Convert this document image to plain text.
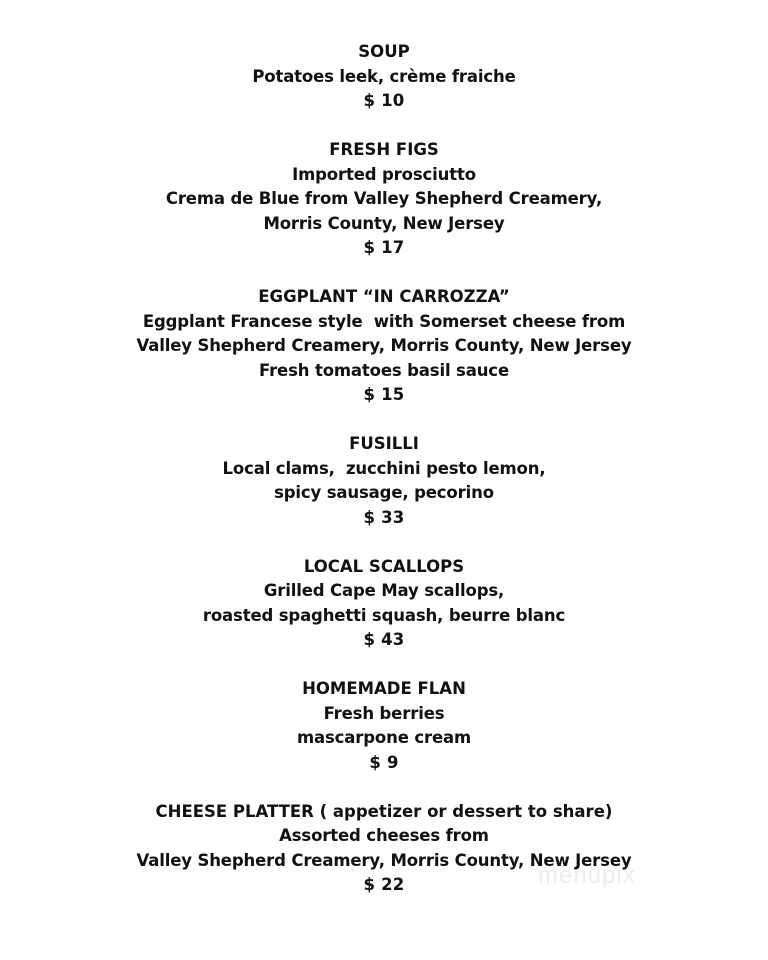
SOUP
Potatoes leek, crème fraiche
$ 10
FRESH FIGS
Imported prosciutto
Crema de Blue from Valley Shepherd Creamery,
Morris County, New Jersey
$ 17
EGGPLANT “IN CARROZZA”
Eggplant Francese style  with Somerset cheese from
Valley Shepherd Creamery, Morris County, New Jersey
Fresh tomatoes basil sauce
$ 15
FUSILLI
Local clams,  zucchini pesto lemon,
spicy sausage, pecorino
$ 33
LOCAL SCALLOPS
Grilled Cape May scallops,
roasted spaghetti squash, beurre blanc
$ 43
HOMEMADE FLAN
Fresh berries
mascarpone cream
$ 9
CHEESE PLATTER ( appetizer or dessert to share)
Assorted cheeses from
Valley Shepherd Creamery, Morris County, New Jersey
$ 22	menupix
